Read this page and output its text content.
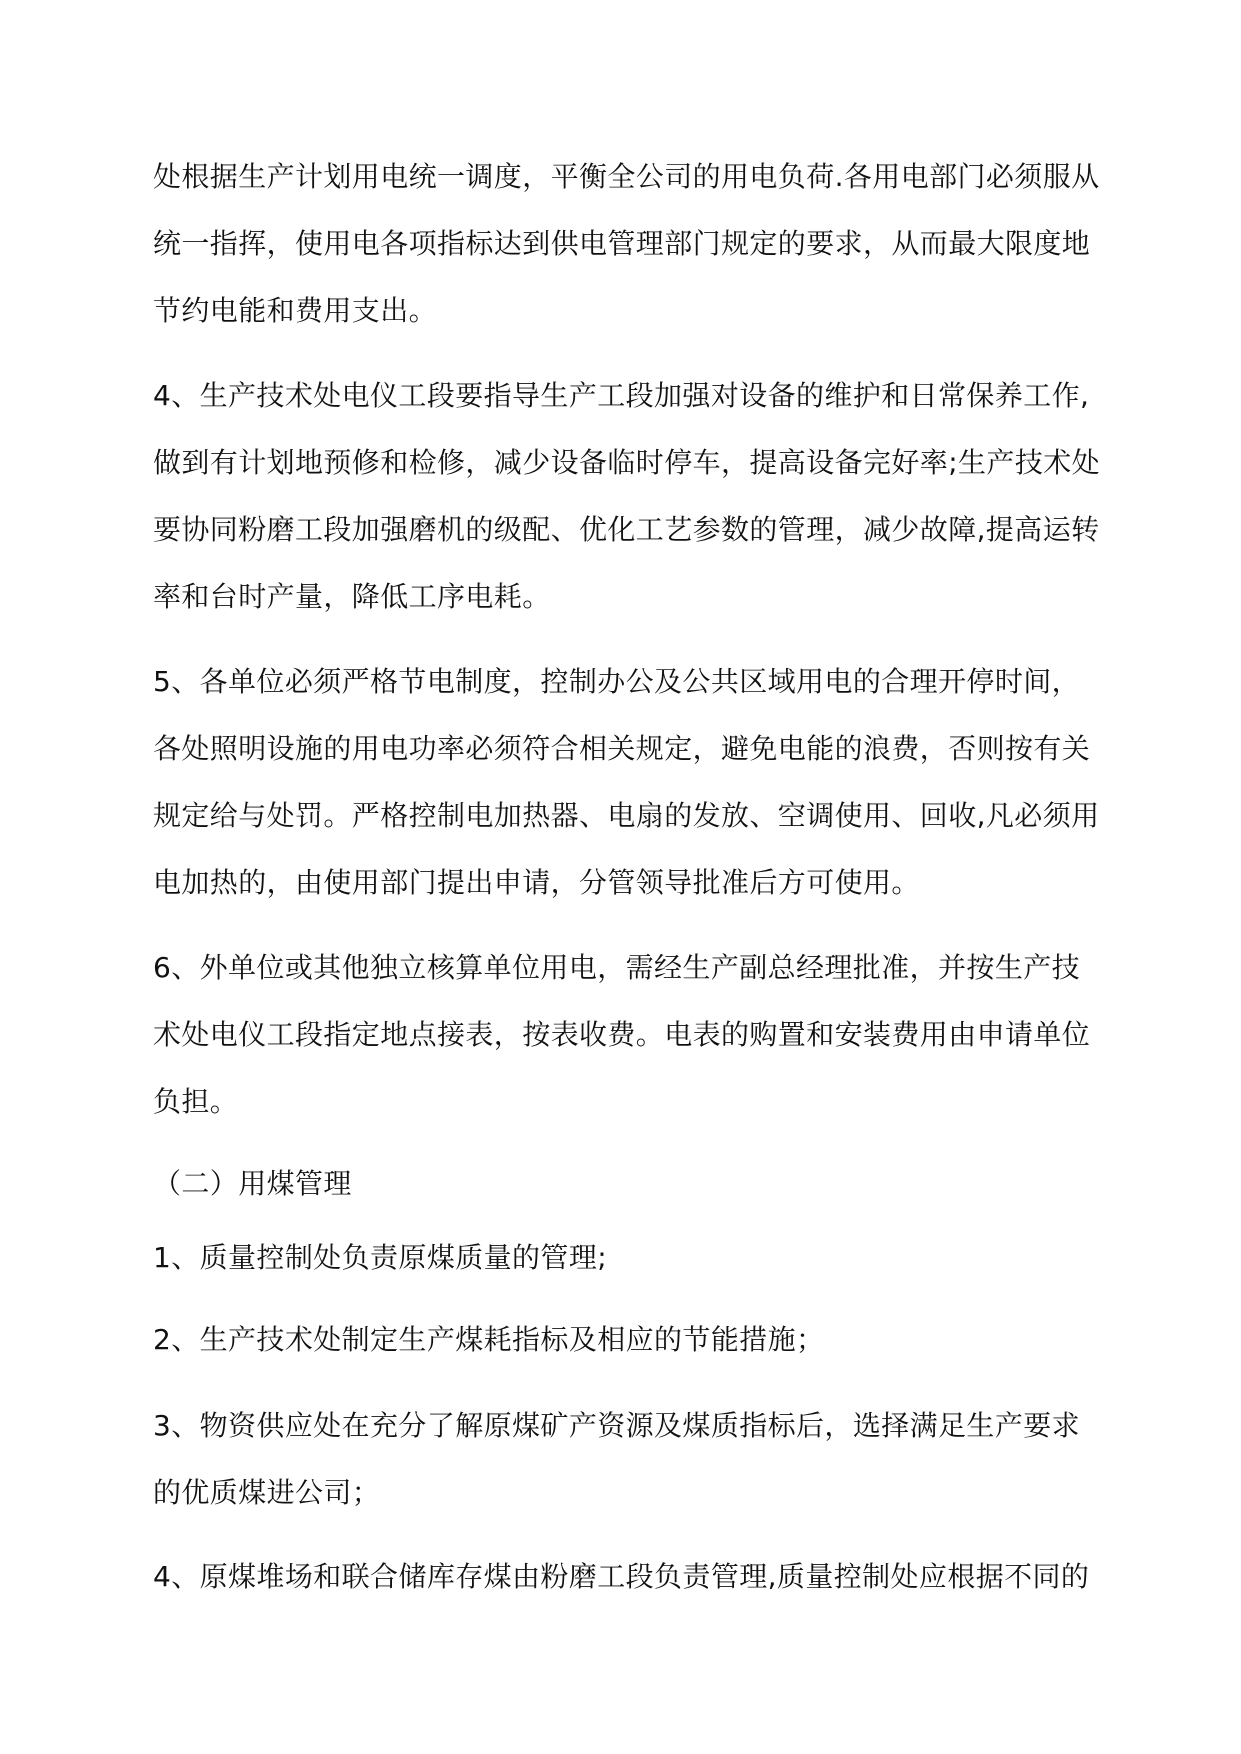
处根据生产计划用电统一调度，平衡全公司的用电负荷.各用电部门必须服从
统一指挥，使用电各项指标达到供电管理部门规定的要求，从而最大限度地
节约电能和费用支出。
4、生产技术处电仪工段要指导生产工段加强对设备的维护和日常保养工作,
做到有计划地预修和检修，减少设备临时停车，提高设备完好率;生产技术处
要协同粉磨工段加强磨机的级配、优化工艺参数的管理，减少故障,提高运转
率和台时产量，降低工序电耗。
5、各单位必须严格节电制度，控制办公及公共区域用电的合理开停时间，
各处照明设施的用电功率必须符合相关规定，避免电能的浪费，否则按有关
规定给与处罚。严格控制电加热器、电扇的发放、空调使用、回收,凡必须用
电加热的，由使用部门提出申请，分管领导批准后方可使用。
6、外单位或其他独立核算单位用电，需经生产副总经理批准，并按生产技
术处电仪工段指定地点接表，按表收费。电表的购置和安装费用由申请单位
负担。
（二）用煤管理
1、质量控制处负责原煤质量的管理;
2、生产技术处制定生产煤耗指标及相应的节能措施；
3、物资供应处在充分了解原煤矿产资源及煤质指标后，选择满足生产要求
的优质煤进公司；
4、原煤堆场和联合储库存煤由粉磨工段负责管理,质量控制处应根据不同的
